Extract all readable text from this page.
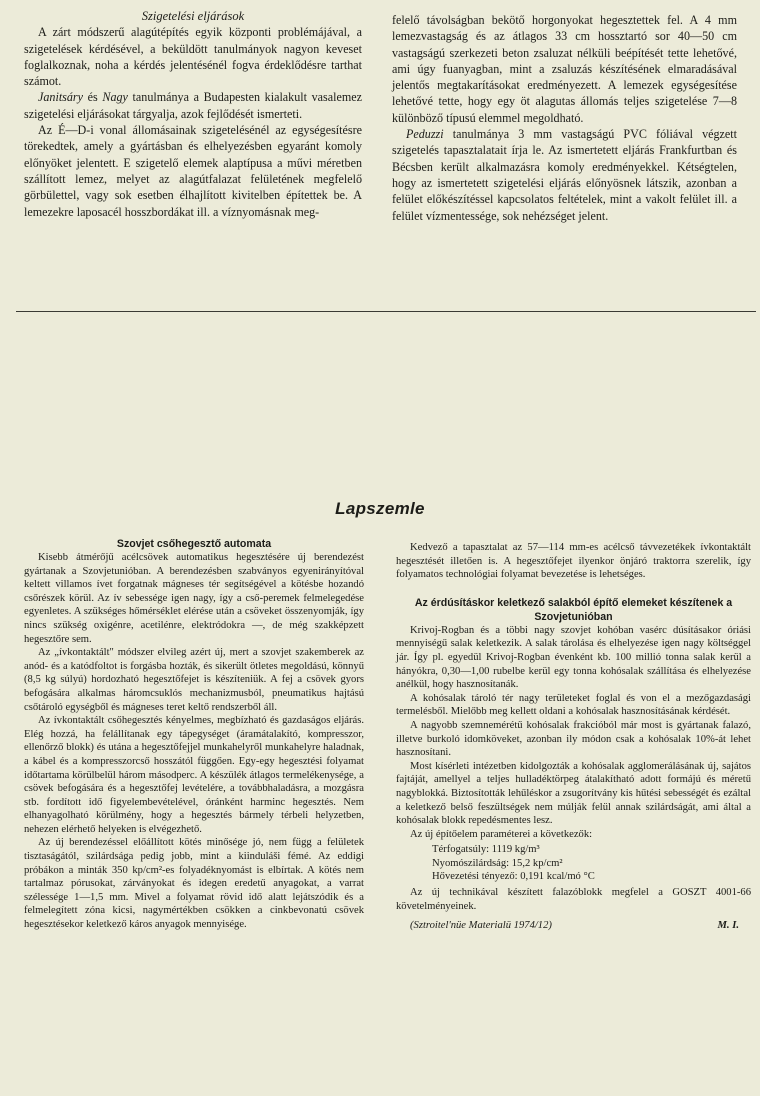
Szigetelési eljárások

A zárt módszerű alagútépítés egyik központi problémájával, a szigetelések kérdésével, a beküldött tanulmányok nagyon keveset foglalkoznak, noha a kérdés jelentésénél fogva érdeklődésre tarthat számot.

Janitsáry és Nagy tanulmánya a Budapesten kialakult vasalemez szigetelési eljárásokat tárgyalja, azok fejlődését ismerteti.

Az É—D-i vonal állomásainak szigetelésénél az egységesítésre törekedtek, amely a gyártásban és elhelyezésben egyaránt komoly előnyöket jelentett. E szigetelő elemek alaptípusa a művi méretben szállított lemez, melyet az alagútfalazat felületének megfelelő görbülettel, vagy sok esetben élhajlított kivitelben építettek be. A lemezekre laposacél hosszbordákat ill. a víznyomásnak meg-

felelő távolságban bekötő horgonyokat hegesztettek fel. A 4 mm lemezvastagság és az átlagos 33 cm hossztartó sor 40—50 cm vastagságú szerkezeti beton zsaluzat nélküli beépítését tette lehetővé, ami úgy fuanyagban, mint a zsaluzás készítésének elmaradásával jelentős megtakarításokat eredményezett. A lemezek egységesítése lehetővé tette, hogy egy öt alagutas állomás teljes szigetelése 7—8 különböző típusú elemmel megoldható.

Peduzzi tanulmánya 3 mm vastagságú PVC fóliával végzett szigetelés tapasztalatait írja le. Az ismertetett eljárás Frankfurtban és Bécsben került alkalmazásra komoly eredményekkel. Kétségtelen, hogy az ismertetett szigetelési eljárás előnyösnek látszik, azonban a felület előkészítéssel kapcsolatos feltételek, mint a vakolt felület ill. a felület vízmentessége, sok nehézséget jelent.

Lapszemle

Szovjet csőhegesztő automata

Kisebb átmérőjű acélcsövek automatikus hegesztésére új berendezést gyártanak a Szovjetunióban. A berendezésben szabványos egyenirányítóval keltett villamos ívet forgatnak mágneses tér segítségével a kötésbe hozandó csőrészek körül. Az ív sebessége igen nagy, így a cső-peremek felmelegedése egyenletes. A szükséges hőmérséklet elérése után a csöveket összenyomják, így nincs szükség oxigénre, acetilénre, elektródokra —, de még szakképzett hegesztőre sem.

Az „ívkontaktált" módszer elvileg azért új, mert a szovjet szakemberek az anód- és a katódfoltot is forgásba hozták, és sikerült ötletes megoldású, könnyű (8,5 kg súlyú) hordozható hegesztőfejet is készíteniük. A fej a csövek gyors befogására alkalmas háromcsuklós mechanizmusból, pneumatikus hajtású csőtároló egységből és mágneses teret keltő rendszerből áll.

Az ívkontaktált csőhegesztés kényelmes, megbízható és gazdaságos eljárás. Elég hozzá, ha felállítanak egy tápegységet (áramátalakító, kompresszor, ellenőrző blokk) és utána a hegesztőfejjel munkahelyről munkahelyre haladnak, a kábel és a kompresszorcső hosszától függően. Egy-egy hegesztési folyamat időtartama körülbelül három másodperc. A készülék átlagos termelékenysége, a csövek befogására és a hegesztőfej levételére, a továbbhaladásra, a mozgásra stb. fordított idő figyelembevételével, óránként harminc hegesztés. Nem elhanyagolható körülmény, hogy a hegesztés bármely térbeli helyzetben, nehezen elérhető helyeken is elvégezhető.

Az új berendezéssel előállított kötés minősége jó, nem függ a felületek tisztaságától, szilárdsága pedig jobb, mint a kiinduláši fémé. Az eddigi próbákon a minták 350 kp/cm²-es folyadéknyomást is elbírtak. A kötés nem tartalmaz pórusokat, zárványokat és idegen eredetű anyagokat, a varrat szélessége 1—1,5 mm. Mivel a folyamat rövid idő alatt lejátszódik és a felmelegített zóna kicsi, nagymértékben csökken a cinkbevonatú csövek hegesztésekor keletkező káros anyagok mennyisége.

Kedvező a tapasztalat az 57—114 mm-es acélcső távvezetékek ívkontaktált hegesztését illetően is. A hegesztőfejet ilyenkor önjáró traktorra szerelik, így folyamatos technológiai folyamat bevezetése is lehetséges.

Az érdúsításkor keletkező salakból építő elemeket készítenek a Szovjetunióban

Krivoj-Rogban és a többi nagy szovjet kohóban vasérc dúsításakor óriási mennyiségű salak keletkezik. A salak tárolása és elhelyezése igen nagy költséggel jár. Így pl. egyedül Krivoj-Rogban évenként kb. 100 millió tonna salak kerül a hányókra, 0,30—1,00 rubelbe kerül egy tonna kohósalak szállítása és elhelyezése anélkül, hogy hasznosítanák.

A kohósalak tároló tér nagy területeket foglal és von el a mezőgazdasági termelésből. Mielőbb meg kellett oldani a kohósalak hasznosításának kérdését.

A nagyobb szemnemérétű kohósalak frakcióból már most is gyártanak falazó, illetve burkoló idomköveket, azonban ily módon csak a kohósalak 10%-át lehet hasznosítani.

Most kísérleti intézetben kidolgozták a kohósalak agglomerálásának új, sajátos fajtáját, amellyel a teljes hulladéktörpeg átalakítható adott formájú és méretű nagyblokká. Biztosították lehűléskor a zsugorítvány kis hűtési sebességét és ezáltal a keletkező belső feszültségek nem múlják felül annak szilárdságát, ami által a kohósalak blokk repedésmentes lesz.

Az új építőelem paraméterei a következők:

Térfogatsúly: 1119 kg/m³
Nyomószilárdság: 15,2 kp/cm²
Hővezetési tényező: 0,191 kcal/mó °C

Az új technikával készített falazóblokk megfelel a GOSZT 4001-66 követelményeinek.

(Sztroitel'nüe Materialü 1974/12)	M. I.
